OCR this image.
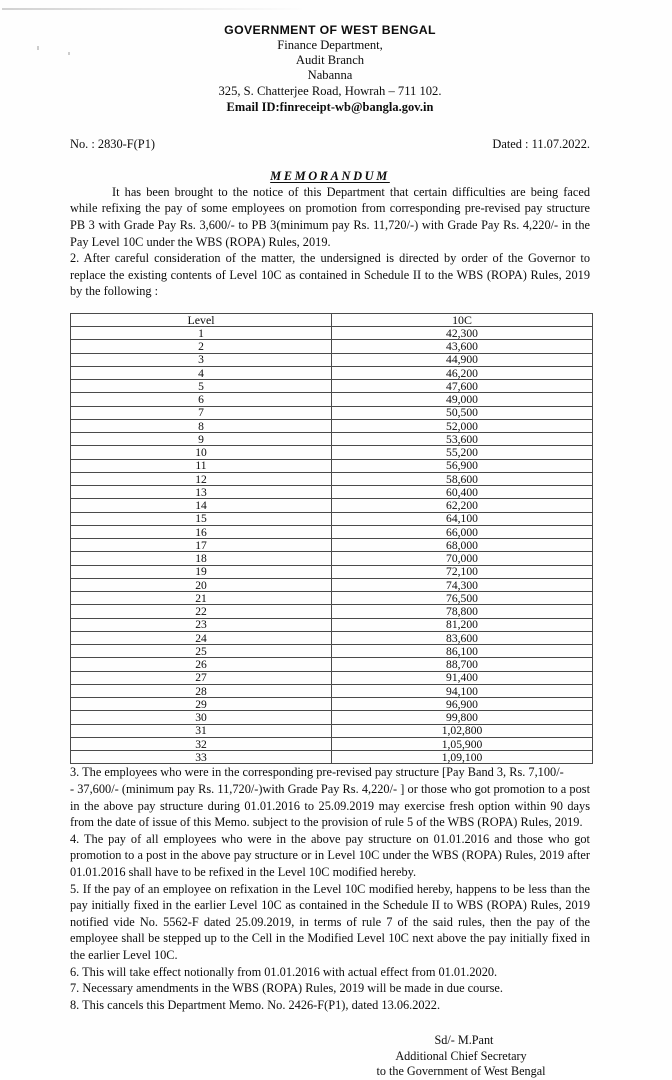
GOVERNMENT OF WEST BENGAL
Finance Department,
Audit Branch
Nabanna
325, S. Chatterjee Road, Howrah – 711 102.
Email ID:finreceipt-wb@bangla.gov.in
No. : 2830-F(P1)	Dated : 11.07.2022.
MEMORANDUM

It has been brought to the notice of this Department that certain difficulties are being faced while refixing the pay of some employees on promotion from corresponding pre-revised pay structure PB 3 with Grade Pay Rs. 3,600/- to PB 3(minimum pay Rs. 11,720/-) with Grade Pay Rs. 4,220/- in the Pay Level 10C under the WBS (ROPA) Rules, 2019.

2. After careful consideration of the matter, the undersigned is directed by order of the Governor to replace the existing contents of Level 10C as contained in Schedule II to the WBS (ROPA) Rules, 2019 by the following :

Level	10C
1	42,300
2	43,600
3	44,900
4	46,200
5	47,600
6	49,000
7	50,500
8	52,000
9	53,600
10	55,200
11	56,900
12	58,600
13	60,400
14	62,200
15	64,100
16	66,000
17	68,000
18	70,000
19	72,100
20	74,300
21	76,500
22	78,800
23	81,200
24	83,600
25	86,100
26	88,700
27	91,400
28	94,100
29	96,900
30	99,800
31	1,02,800
32	1,05,900
33	1,09,100

3. The employees who were in the corresponding pre-revised pay structure [Pay Band 3, Rs. 7,100/-

- 37,600/- (minimum pay Rs. 11,720/-)with Grade Pay Rs. 4,220/- ] or those who got promotion to a post in the above pay structure during 01.01.2016 to 25.09.2019 may exercise fresh option within 90 days from the date of issue of this Memo. subject to the provision of rule 5 of the WBS (ROPA) Rules, 2019.

4. The pay of all employees who were in the above pay structure on 01.01.2016 and those who got promotion to a post in the above pay structure or in Level 10C under the WBS (ROPA) Rules, 2019 after 01.01.2016 shall have to be refixed in the Level 10C modified hereby.

5. If the pay of an employee on refixation in the Level 10C modified hereby, happens to be less than the pay initially fixed in the earlier Level 10C as contained in the Schedule II to WBS (ROPA) Rules, 2019 notified vide No. 5562-F dated 25.09.2019, in terms of rule 7 of the said rules, then the pay of the employee shall be stepped up to the Cell in the Modified Level 10C next above the pay initially fixed in the earlier Level 10C.

6. This will take effect notionally from 01.01.2016 with actual effect from 01.01.2020.

7. Necessary amendments in the WBS (ROPA) Rules, 2019 will be made in due course.

8. This cancels this Department Memo. No. 2426-F(P1), dated 13.06.2022.

Sd/- M.Pant
Additional Chief Secretary
to the Government of West Bengal
